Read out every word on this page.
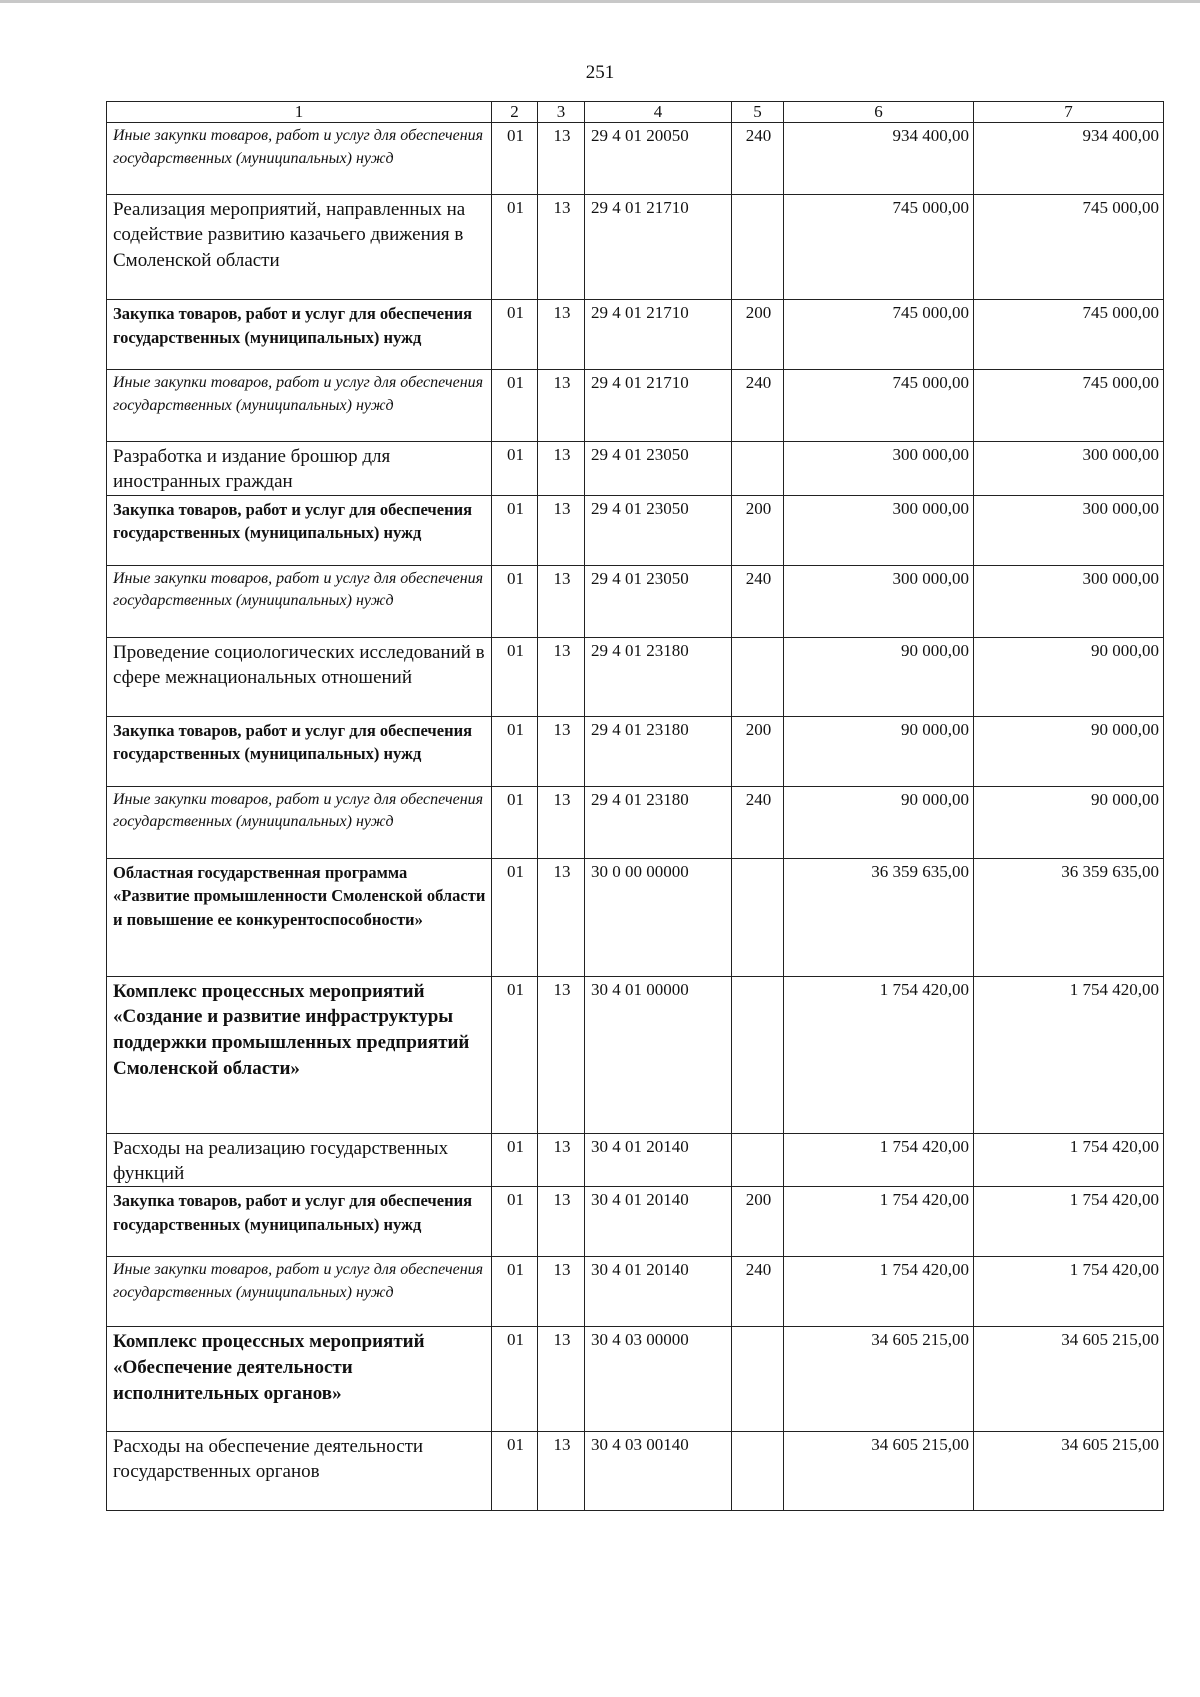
251
1	2	3	4	5	6	7
Иные закупки товаров, работ и услуг для обеспечения государственных (муниципальных) нужд	01	13	29 4 01 20050	240	934 400,00	934 400,00
Реализация мероприятий, направленных на содействие развитию казачьего движения в Смоленской области	01	13	29 4 01 21710		745 000,00	745 000,00
Закупка товаров, работ и услуг для обеспечения государственных (муниципальных) нужд	01	13	29 4 01 21710	200	745 000,00	745 000,00
Иные закупки товаров, работ и услуг для обеспечения государственных (муниципальных) нужд	01	13	29 4 01 21710	240	745 000,00	745 000,00
Разработка и издание брошюр для иностранных граждан	01	13	29 4 01 23050		300 000,00	300 000,00
Закупка товаров, работ и услуг для обеспечения государственных (муниципальных) нужд	01	13	29 4 01 23050	200	300 000,00	300 000,00
Иные закупки товаров, работ и услуг для обеспечения государственных (муниципальных) нужд	01	13	29 4 01 23050	240	300 000,00	300 000,00
Проведение социологических исследований в сфере межнациональных отношений	01	13	29 4 01 23180		90 000,00	90 000,00
Закупка товаров, работ и услуг для обеспечения государственных (муниципальных) нужд	01	13	29 4 01 23180	200	90 000,00	90 000,00
Иные закупки товаров, работ и услуг для обеспечения государственных (муниципальных) нужд	01	13	29 4 01 23180	240	90 000,00	90 000,00
Областная государственная программа «Развитие промышленности Смоленской области и повышение ее конкурентоспособности»	01	13	30 0 00 00000		36 359 635,00	36 359 635,00
Комплекс процессных мероприятий «Создание и развитие инфраструктуры поддержки промышленных предприятий Смоленской области»	01	13	30 4 01 00000		1 754 420,00	1 754 420,00
Расходы на реализацию государственных функций	01	13	30 4 01 20140		1 754 420,00	1 754 420,00
Закупка товаров, работ и услуг для обеспечения государственных (муниципальных) нужд	01	13	30 4 01 20140	200	1 754 420,00	1 754 420,00
Иные закупки товаров, работ и услуг для обеспечения государственных (муниципальных) нужд	01	13	30 4 01 20140	240	1 754 420,00	1 754 420,00
Комплекс процессных мероприятий «Обеспечение деятельности исполнительных органов»	01	13	30 4 03 00000		34 605 215,00	34 605 215,00
Расходы на обеспечение деятельности государственных органов	01	13	30 4 03 00140		34 605 215,00	34 605 215,00
